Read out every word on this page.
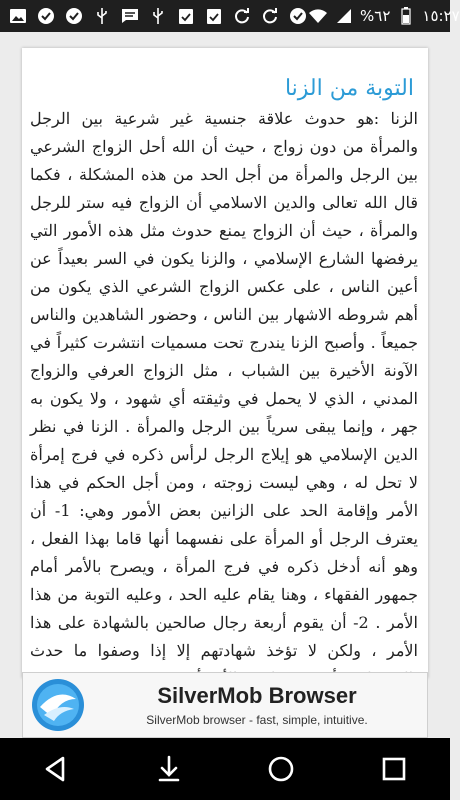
%٦٢ ١٥:٢٧
التوبة من الزنا
الزنا :هو حدوث علاقة جنسية غير شرعية بين الرجل والمرأة من دون زواج ، حيث أن الله أحل الزواج الشرعي بين الرجل والمرأة من أجل الحد من هذه المشكلة ، فكما قال الله تعالى والدين الاسلامي أن الزواج فيه ستر للرجل والمرأة ، حيث أن الزواج يمنع حدوث مثل هذه الأمور التي يرفضها الشارع الإسلامي ، والزنا يكون في السر بعيداً عن أعين الناس ، على عكس الزواج الشرعي الذي يكون من أهم شروطه الاشهار بين الناس ، وحضور الشاهدين والناس جميعاً . وأصبح الزنا يندرج تحت مسميات انتشرت كثيراً في الآونة الأخيرة بين الشباب ، مثل الزواج العرفي والزواج المدني ، الذي لا يحمل في وثيقته أي شهود ، ولا يكون به جهر ، وإنما يبقى سرياً بين الرجل والمرأة . الزنا في نظر الدين الإسلامي هو إيلاج الرجل لرأس ذكره في فرج إمرأة لا تحل له ، وهي ليست زوجته ، ومن أجل الحكم في هذا الأمر وإقامة الحد على الزانين بعض الأمور وهي: 1- أن يعترف الرجل أو المرأة على نفسهما أنها قاما بهذا الفعل ، وهو أنه أدخل ذكره في فرج المرأة ، ويصرح بالأمر أمام جمهور الفقهاء ، وهنا يقام عليه الحد ، وعليه التوبة من هذا الأمر . 2- أن يقوم أربعة رجال صالحين بالشهادة على هذا الأمر ، ولكن لا تؤخذ شهادتهم إلا إذا وصفوا ما حدث
SilverMob Browser
SilverMob browser - fast, simple, intuitive.
